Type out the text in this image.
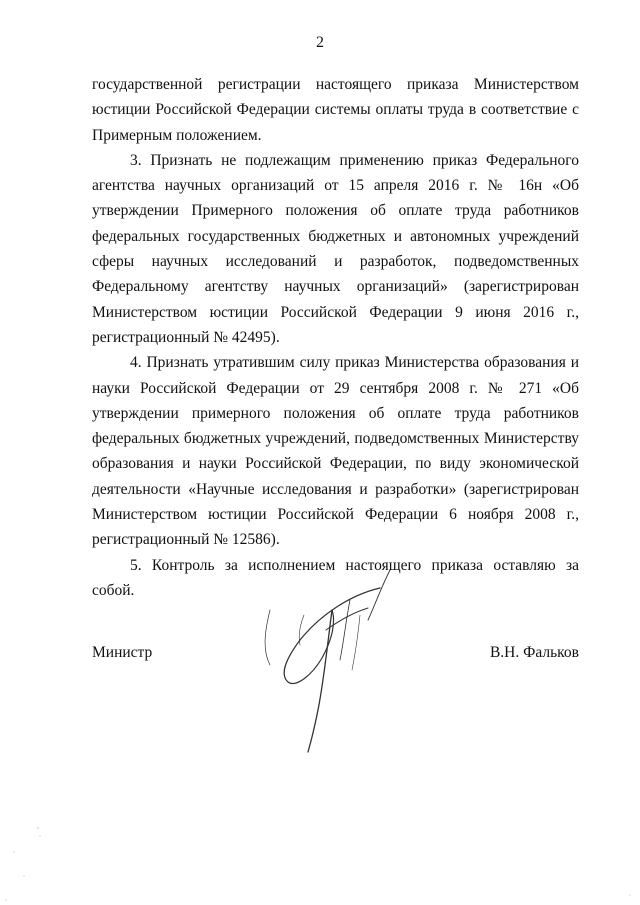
2

государственной регистрации настоящего приказа Министерством юстиции Российской Федерации системы оплаты труда в соответствие с Примерным положением.

3. Признать не подлежащим применению приказ Федерального агентства научных организаций от 15 апреля 2016 г. № 16н «Об утверждении Примерного положения об оплате труда работников федеральных государственных бюджетных и автономных учреждений сферы научных исследований и разработок, подведомственных Федеральному агентству научных организаций» (зарегистрирован Министерством юстиции Российской Федерации 9 июня 2016 г., регистрационный № 42495).

4. Признать утратившим силу приказ Министерства образования и науки Российской Федерации от 29 сентября 2008 г. № 271 «Об утверждении примерного положения об оплате труда работников федеральных бюджетных учреждений, подведомственных Министерству образования и науки Российской Федерации, по виду экономической деятельности «Научные исследования и разработки» (зарегистрирован Министерством юстиции Российской Федерации 6 ноября 2008 г., регистрационный № 12586).

5. Контроль за исполнением настоящего приказа оставляю за собой.

Министр	В.Н. Фальков
